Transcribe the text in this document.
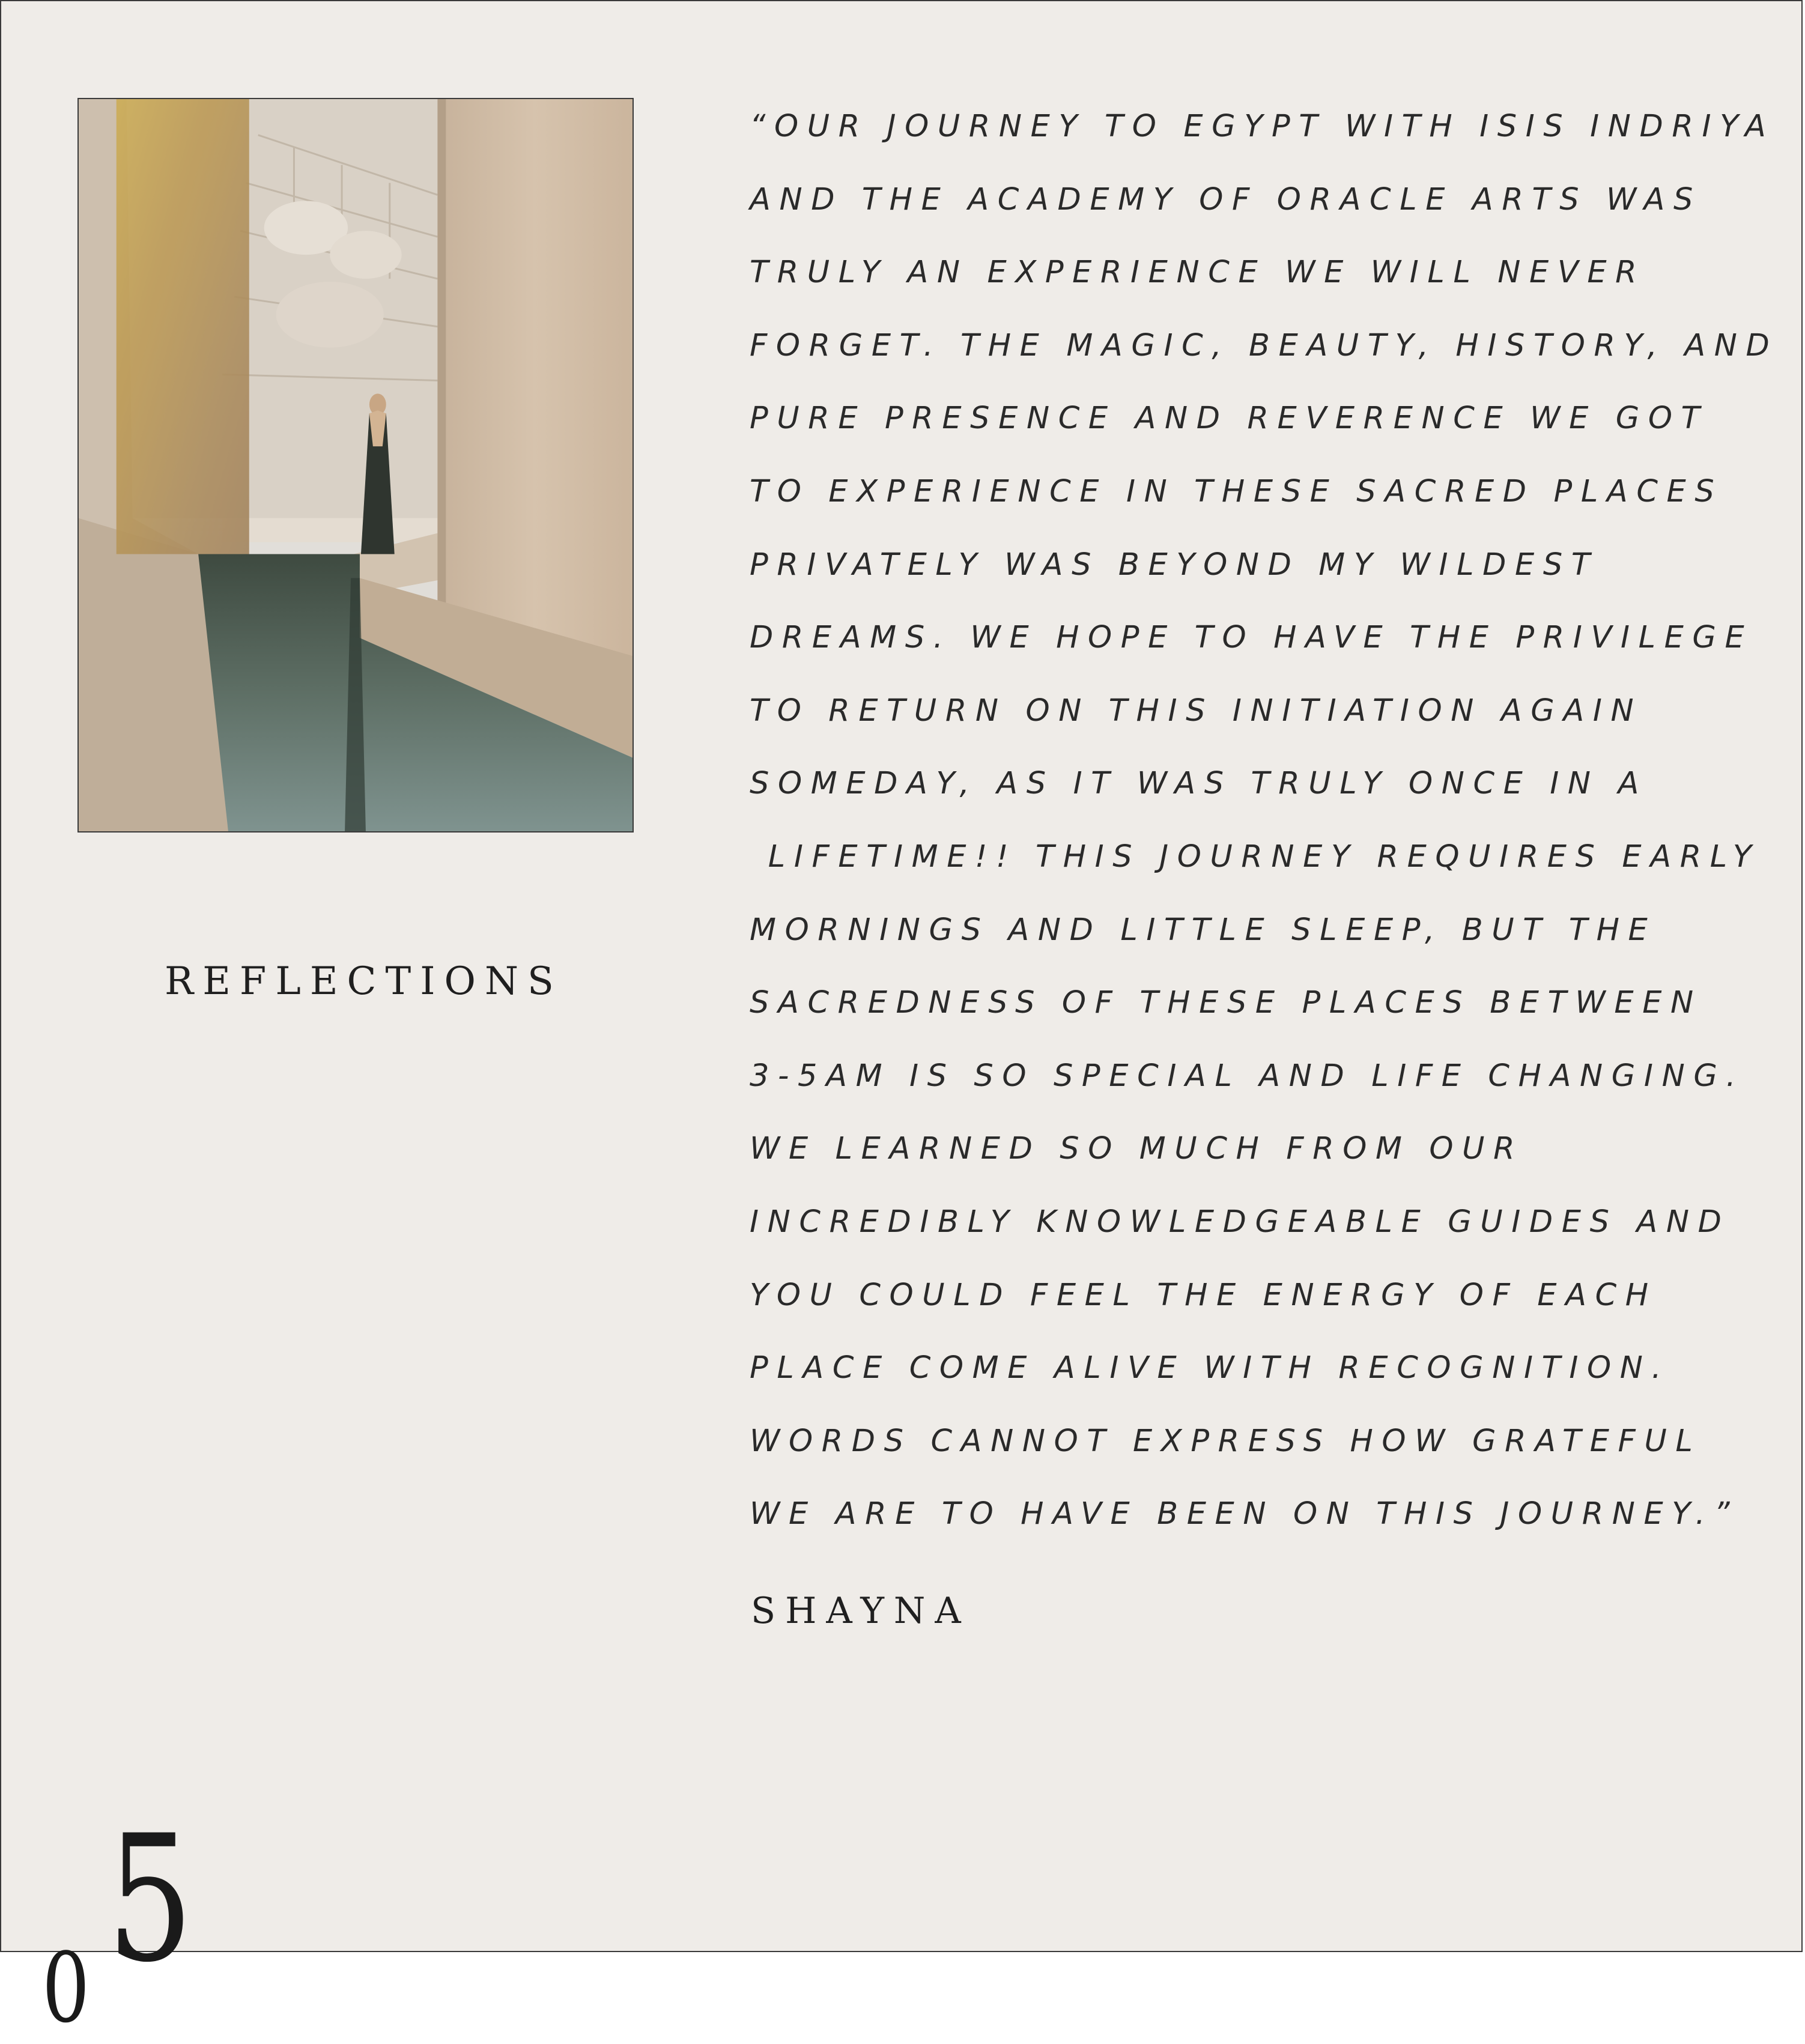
REFLECTIONS

“OUR JOURNEY TO EGYPT WITH ISIS INDRIYA
AND THE ACADEMY OF ORACLE ARTS WAS
TRULY AN EXPERIENCE WE WILL NEVER
FORGET. THE MAGIC, BEAUTY, HISTORY, AND
PURE PRESENCE AND REVERENCE WE GOT
TO EXPERIENCE IN THESE SACRED PLACES
PRIVATELY WAS BEYOND MY WILDEST
DREAMS. WE HOPE TO HAVE THE PRIVILEGE
TO RETURN ON THIS INITIATION AGAIN
SOMEDAY, AS IT WAS TRULY ONCE IN A
LIFETIME!! THIS JOURNEY REQUIRES EARLY
MORNINGS AND LITTLE SLEEP, BUT THE
SACREDNESS OF THESE PLACES BETWEEN
3-5AM IS SO SPECIAL AND LIFE CHANGING.
WE LEARNED SO MUCH FROM OUR
INCREDIBLY KNOWLEDGEABLE GUIDES AND
YOU COULD FEEL THE ENERGY OF EACH
PLACE COME ALIVE WITH RECOGNITION.
WORDS CANNOT EXPRESS HOW GRATEFUL
WE ARE TO HAVE BEEN ON THIS JOURNEY.”

SHAYNA

5
0
